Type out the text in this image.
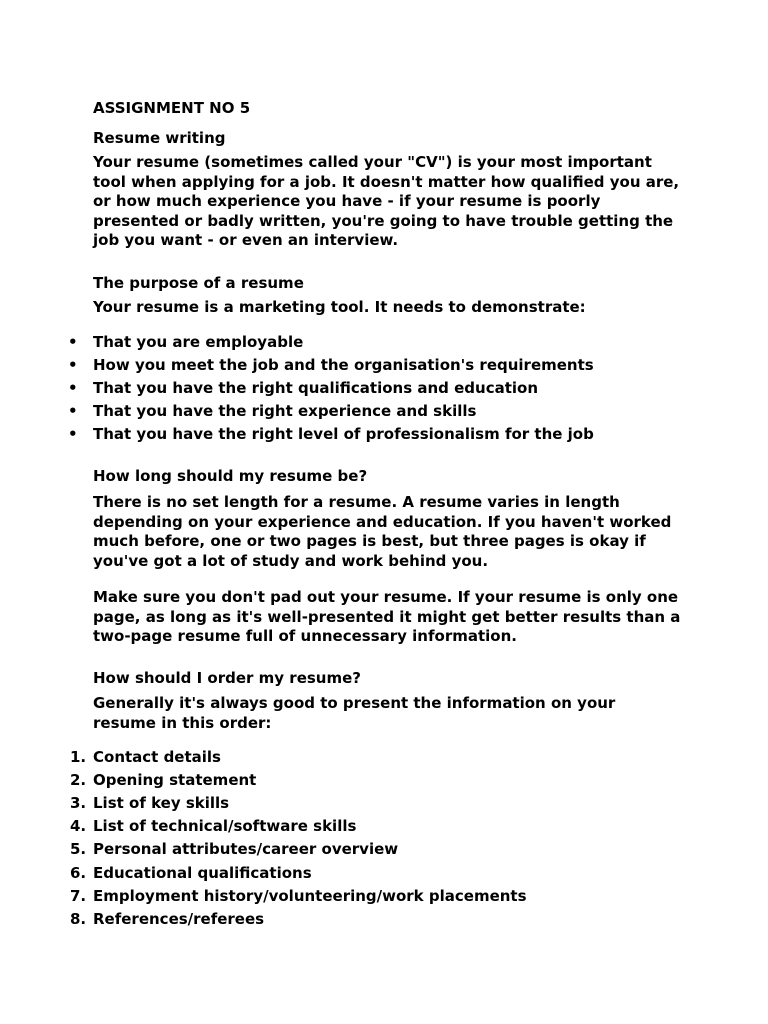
ASSIGNMENT NO 5
Resume writing
Your resume (sometimes called your "CV") is your most important
tool when applying for a job. It doesn't matter how qualified you are,
or how much experience you have - if your resume is poorly
presented or badly written, you're going to have trouble getting the
job you want - or even an interview.
The purpose of a resume
Your resume is a marketing tool. It needs to demonstrate:
• That you are employable
• How you meet the job and the organisation's requirements
• That you have the right qualifications and education
• That you have the right experience and skills
• That you have the right level of professionalism for the job
How long should my resume be?
There is no set length for a resume. A resume varies in length
depending on your experience and education. If you haven't worked
much before, one or two pages is best, but three pages is okay if
you've got a lot of study and work behind you.
Make sure you don't pad out your resume. If your resume is only one
page, as long as it's well-presented it might get better results than a
two-page resume full of unnecessary information.
How should I order my resume?
Generally it's always good to present the information on your
resume in this order:
1. Contact details
2. Opening statement
3. List of key skills
4. List of technical/software skills
5. Personal attributes/career overview
6. Educational qualifications
7. Employment history/volunteering/work placements
8. References/referees
